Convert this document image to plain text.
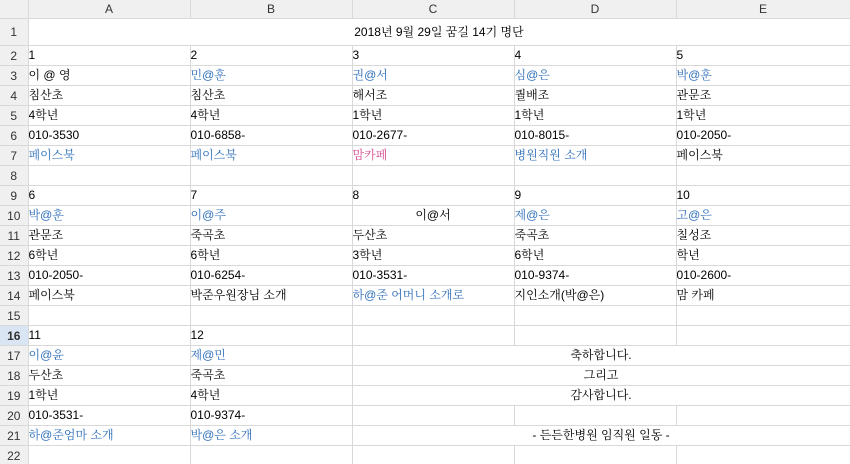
	A	B	C	D	E
1	2018년 9월 29일 꿈길 14기 명단				
2	1	2	3	4	5
3	이 @ 영	민@훈	권@서	심@은	박@훈
4	침산초	침산초	해서조	퀄배조	관문조
5	4학년	4학년	1학년	1학년	1학년
6	010-3530	010-6858-	010-2677-	010-8015-	010-2050-
7	페이스북	페이스북	맘카페	병원직원 소개	페이스북
8					
9	6	7	8	9	10
10	박@훈	이@주	이@서	제@은	고@은
11	관문조	죽곡초	두산초	죽곡초	칠성조
12	6학년	6학년	3학년	6학년	학년
13	010-2050-	010-6254-	010-3531-	010-9374-	010-2600-
14	페이스북	박준우원장님 소개	하@준 어머니 소개로	지인소개(박@은)	맘 카페
15					
16	11	12			
17	이@윤	제@민	축하합니다.		
18	두산초	죽곡초	그리고		
19	1학년	4학년	감사합니다.		
20	010-3531-	010-9374-			
21	하@준엄마 소개	박@은 소개	- 든든한병원 임직원 일동 -		
22					
